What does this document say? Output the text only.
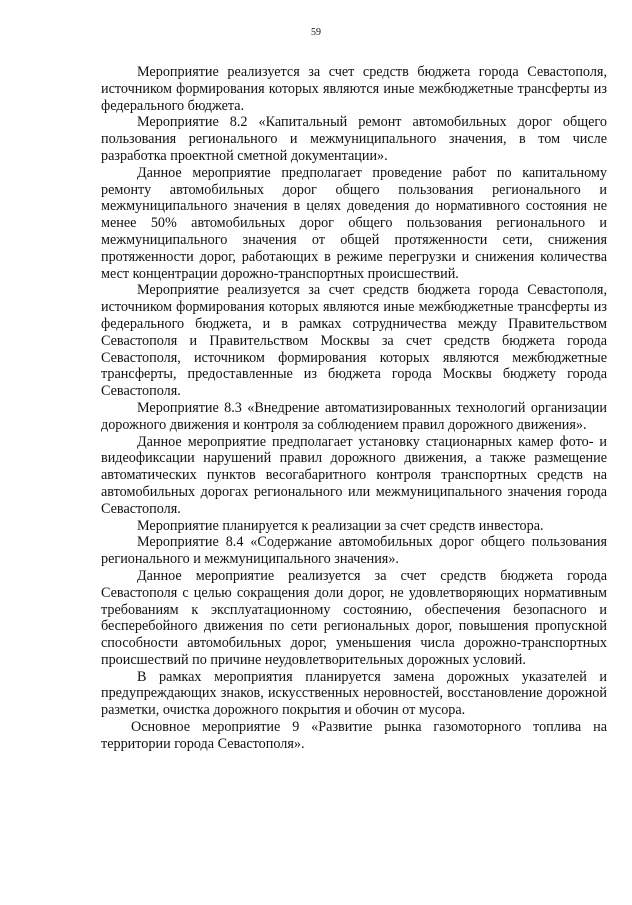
59

Мероприятие реализуется за счет средств бюджета города Севастополя, источником формирования которых являются иные межбюджетные трансферты из федерального бюджета.

Мероприятие 8.2 «Капитальный ремонт автомобильных дорог общего пользования регионального и межмуниципального значения, в том числе разработка проектной сметной документации».

Данное мероприятие предполагает проведение работ по капитальному ремонту автомобильных дорог общего пользования регионального и межмуниципального значения в целях доведения до нормативного состояния не менее 50% автомобильных дорог общего пользования регионального и межмуниципального значения от общей протяженности сети, снижения протяженности дорог, работающих в режиме перегрузки и снижения количества мест концентрации дорожно-транспортных происшествий.

Мероприятие реализуется за счет средств бюджета города Севастополя, источником формирования которых являются иные межбюджетные трансферты из федерального бюджета, и в рамках сотрудничества между Правительством Севастополя и Правительством Москвы за счет средств бюджета города Севастополя, источником формирования которых являются межбюджетные трансферты, предоставленные из бюджета города Москвы бюджету города Севастополя.

Мероприятие 8.3 «Внедрение автоматизированных технологий организации дорожного движения и контроля за соблюдением правил дорожного движения».

Данное мероприятие предполагает установку стационарных камер фото- и видеофиксации нарушений правил дорожного движения, а также размещение автоматических пунктов весогабаритного контроля транспортных средств на автомобильных дорогах регионального или межмуниципального значения города Севастополя.

Мероприятие планируется к реализации за счет средств инвестора.

Мероприятие 8.4 «Содержание автомобильных дорог общего пользования регионального и межмуниципального значения».

Данное мероприятие реализуется за счет средств бюджета города Севастополя с целью сокращения доли дорог, не удовлетворяющих нормативным требованиям к эксплуатационному состоянию, обеспечения безопасного и бесперебойного движения по сети региональных дорог, повышения пропускной способности автомобильных дорог, уменьшения числа дорожно-транспортных происшествий по причине неудовлетворительных дорожных условий.

В рамках мероприятия планируется замена дорожных указателей и предупреждающих знаков, искусственных неровностей, восстановление дорожной разметки, очистка дорожного покрытия и обочин от мусора.

Основное мероприятие 9 «Развитие рынка газомоторного топлива на территории города Севастополя».
